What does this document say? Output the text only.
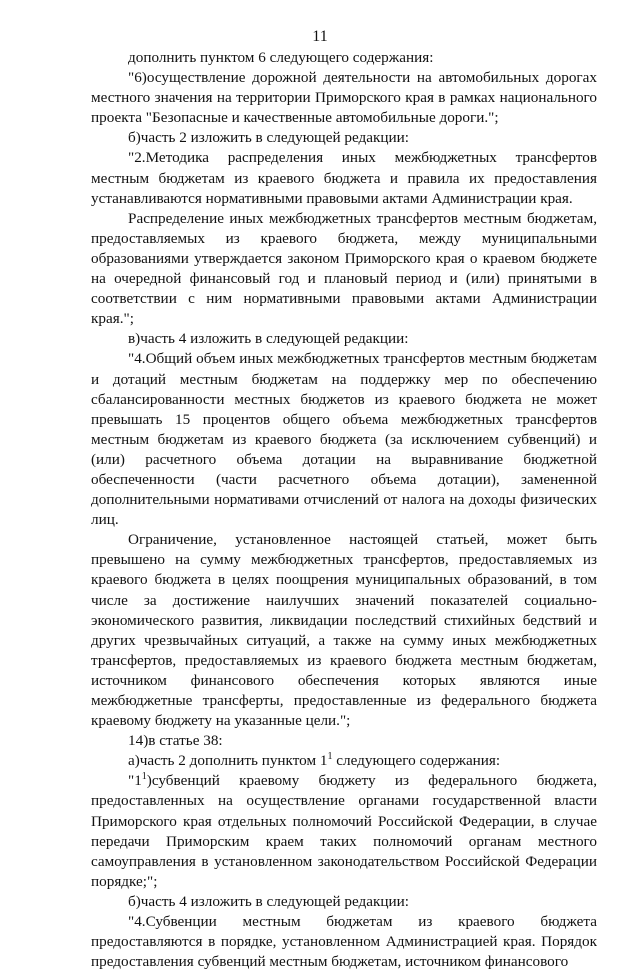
11

дополнить пунктом 6 следующего содержания:

"6)осуществление дорожной деятельности на автомобильных дорогах местного значения на территории Приморского края в рамках национального проекта "Безопасные и качественные автомобильные дороги.";

б)часть 2 изложить в следующей редакции:

"2.Методика распределения иных межбюджетных трансфертов местным бюджетам из краевого бюджета и правила их предоставления устанавливаются нормативными правовыми актами Администрации края.

Распределение иных межбюджетных трансфертов местным бюджетам, предоставляемых из краевого бюджета, между муниципальными образованиями утверждается законом Приморского края о краевом бюджете на очередной финансовый год и плановый период и (или) принятыми в соответствии с ним нормативными правовыми актами Администрации края.";

в)часть 4 изложить в следующей редакции:

"4.Общий объем иных межбюджетных трансфертов местным бюджетам и дотаций местным бюджетам на поддержку мер по обеспечению сбалансированности местных бюджетов из краевого бюджета не может превышать 15 процентов общего объема межбюджетных трансфертов местным бюджетам из краевого бюджета (за исключением субвенций) и (или) расчетного объема дотации на выравнивание бюджетной обеспеченности (части расчетного объема дотации), замененной дополнительными нормативами отчислений от налога на доходы физических лиц.

Ограничение, установленное настоящей статьей, может быть превышено на сумму межбюджетных трансфертов, предоставляемых из краевого бюджета в целях поощрения муниципальных образований, в том числе за достижение наилучших значений показателей социально-экономического развития, ликвидации последствий стихийных бедствий и других чрезвычайных ситуаций, а также на сумму иных межбюджетных трансфертов, предоставляемых из краевого бюджета местным бюджетам, источником финансового обеспечения которых являются иные межбюджетные трансферты, предоставленные из федерального бюджета краевому бюджету на указанные цели.";

14)в статье 38:

а)часть 2 дополнить пунктом $1^1$ следующего содержания:

"$1^1)субвенций$ краевому бюджету из федерального бюджета, предоставленных на осуществление органами государственной власти Приморского края отдельных полномочий Российской Федерации, в случае передачи Приморским краем таких полномочий органам местного самоуправления в установленном законодательством Российской Федерации порядке;";

б)часть 4 изложить в следующей редакции:

"4.Субвенции местным бюджетам из краевого бюджета предоставляются в порядке, установленном Администрацией края. Порядок предоставления субвенций местным бюджетам, источником финансового
